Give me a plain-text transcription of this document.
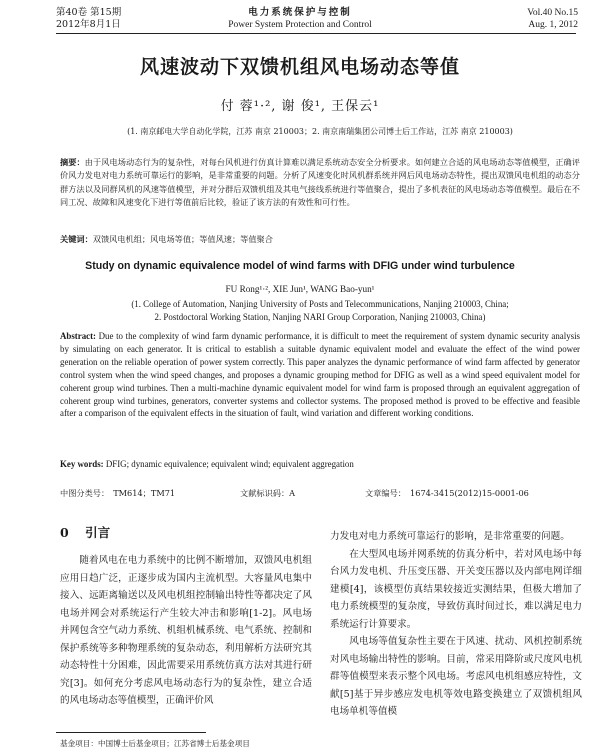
第40卷 第15期
2012年8月1日
电力系统保护与控制
Power System Protection and Control
Vol.40 No.15
Aug. 1, 2012
风速波动下双馈机组风电场动态等值
付 蓉¹·², 谢 俊¹, 王保云¹
(1. 南京邮电大学自动化学院，江苏 南京 210003；2. 南京南瑞集团公司博士后工作站，江苏 南京 210003)
摘要：由于风电场动态行为的复杂性，对每台风机进行仿真计算难以满足系统动态安全分析要求。如何建立合适的风电场动态等值模型，正确评价风力发电对电力系统可靠运行的影响，是非常重要的问题。分析了风速变化时风机群系统并网后风电场动态特性，提出双馈风电机组的动态分群方法以及同群风机的风速等值模型，并对分群后双馈机组及其电气接线系统进行等值聚合，提出了多机表征的风电场动态等值模型。最后在不同工况、故障和风速变化下进行等值前后比较，验证了该方法的有效性和可行性。
关键词：双馈风电机组；风电场等值；等值风速；等值聚合
Study on dynamic equivalence model of wind farms with DFIG under wind turbulence
FU Rong¹·², XIE Jun¹, WANG Bao-yun¹
(1. College of Automation, Nanjing University of Posts and Telecommunications, Nanjing 210003, China;
2. Postdoctoral Working Station, Nanjing NARI Group Corporation, Nanjing 210003, China)
Abstract: Due to the complexity of wind farm dynamic performance, it is difficult to meet the requirement of system dynamic security analysis by simulating on each generator. It is critical to establish a suitable dynamic equivalent model and evaluate the effect of the wind power generation on the reliable operation of power system correctly. This paper analyzes the dynamic performance of wind farm affected by generator control system when the wind speed changes, and proposes a dynamic grouping method for DFIG as well as a wind speed equivalent model for coherent group wind turbines. Then a multi-machine dynamic equivalent model for wind farm is proposed through an equivalent aggregation of coherent group wind turbines, generators, converter systems and collector systems. The proposed method is proved to be effective and feasible after a comparison of the equivalent effects in the situation of fault, wind variation and different working conditions.
Key words: DFIG; dynamic equivalence; equivalent wind; equivalent aggregation
中图分类号：　TM614；TM71	文献标识码：A	文章编号：　1674-3415(2012)15-0001-06
0 引言

随着风电在电力系统中的比例不断增加，双馈风电机组应用日趋广泛，正逐步成为国内主流机型。大容量风电集中接入、远距离输送以及风电机组控制输出特性等都决定了风电场并网会对系统运行产生较大冲击和影响[1-2]。风电场并网包含空气动力系统、机组机械系统、电气系统、控制和保护系统等多种物理系统的复杂动态，利用解析方法研究其动态特性十分困难，因此需要采用系统仿真方法对其进行研究[3]。如何充分考虑风电场动态行为的复杂性，建立合适的风电场动态等值模型，正确评价风

力发电对电力系统可靠运行的影响，是非常重要的问题。

在大型风电场并网系统的仿真分析中，若对风电场中每台风力发电机、升压变压器、开关变压器以及内部电网详细建模[4]，该模型仿真结果较接近实测结果，但极大增加了电力系统模型的复杂度，导致仿真时间过长，难以满足电力系统运行计算要求。

风电场等值复杂性主要在于风速、扰动、风机控制系统对风电场输出特性的影响。目前，常采用降阶或尺度风电机群等值模型来表示整个风电场。考虑风电机组感应特性，文献[5]基于异步感应发电机等效电路变换建立了双馈机组风电场单机等值模

基金项目：中国博士后基金项目；江苏省博士后基金项目
